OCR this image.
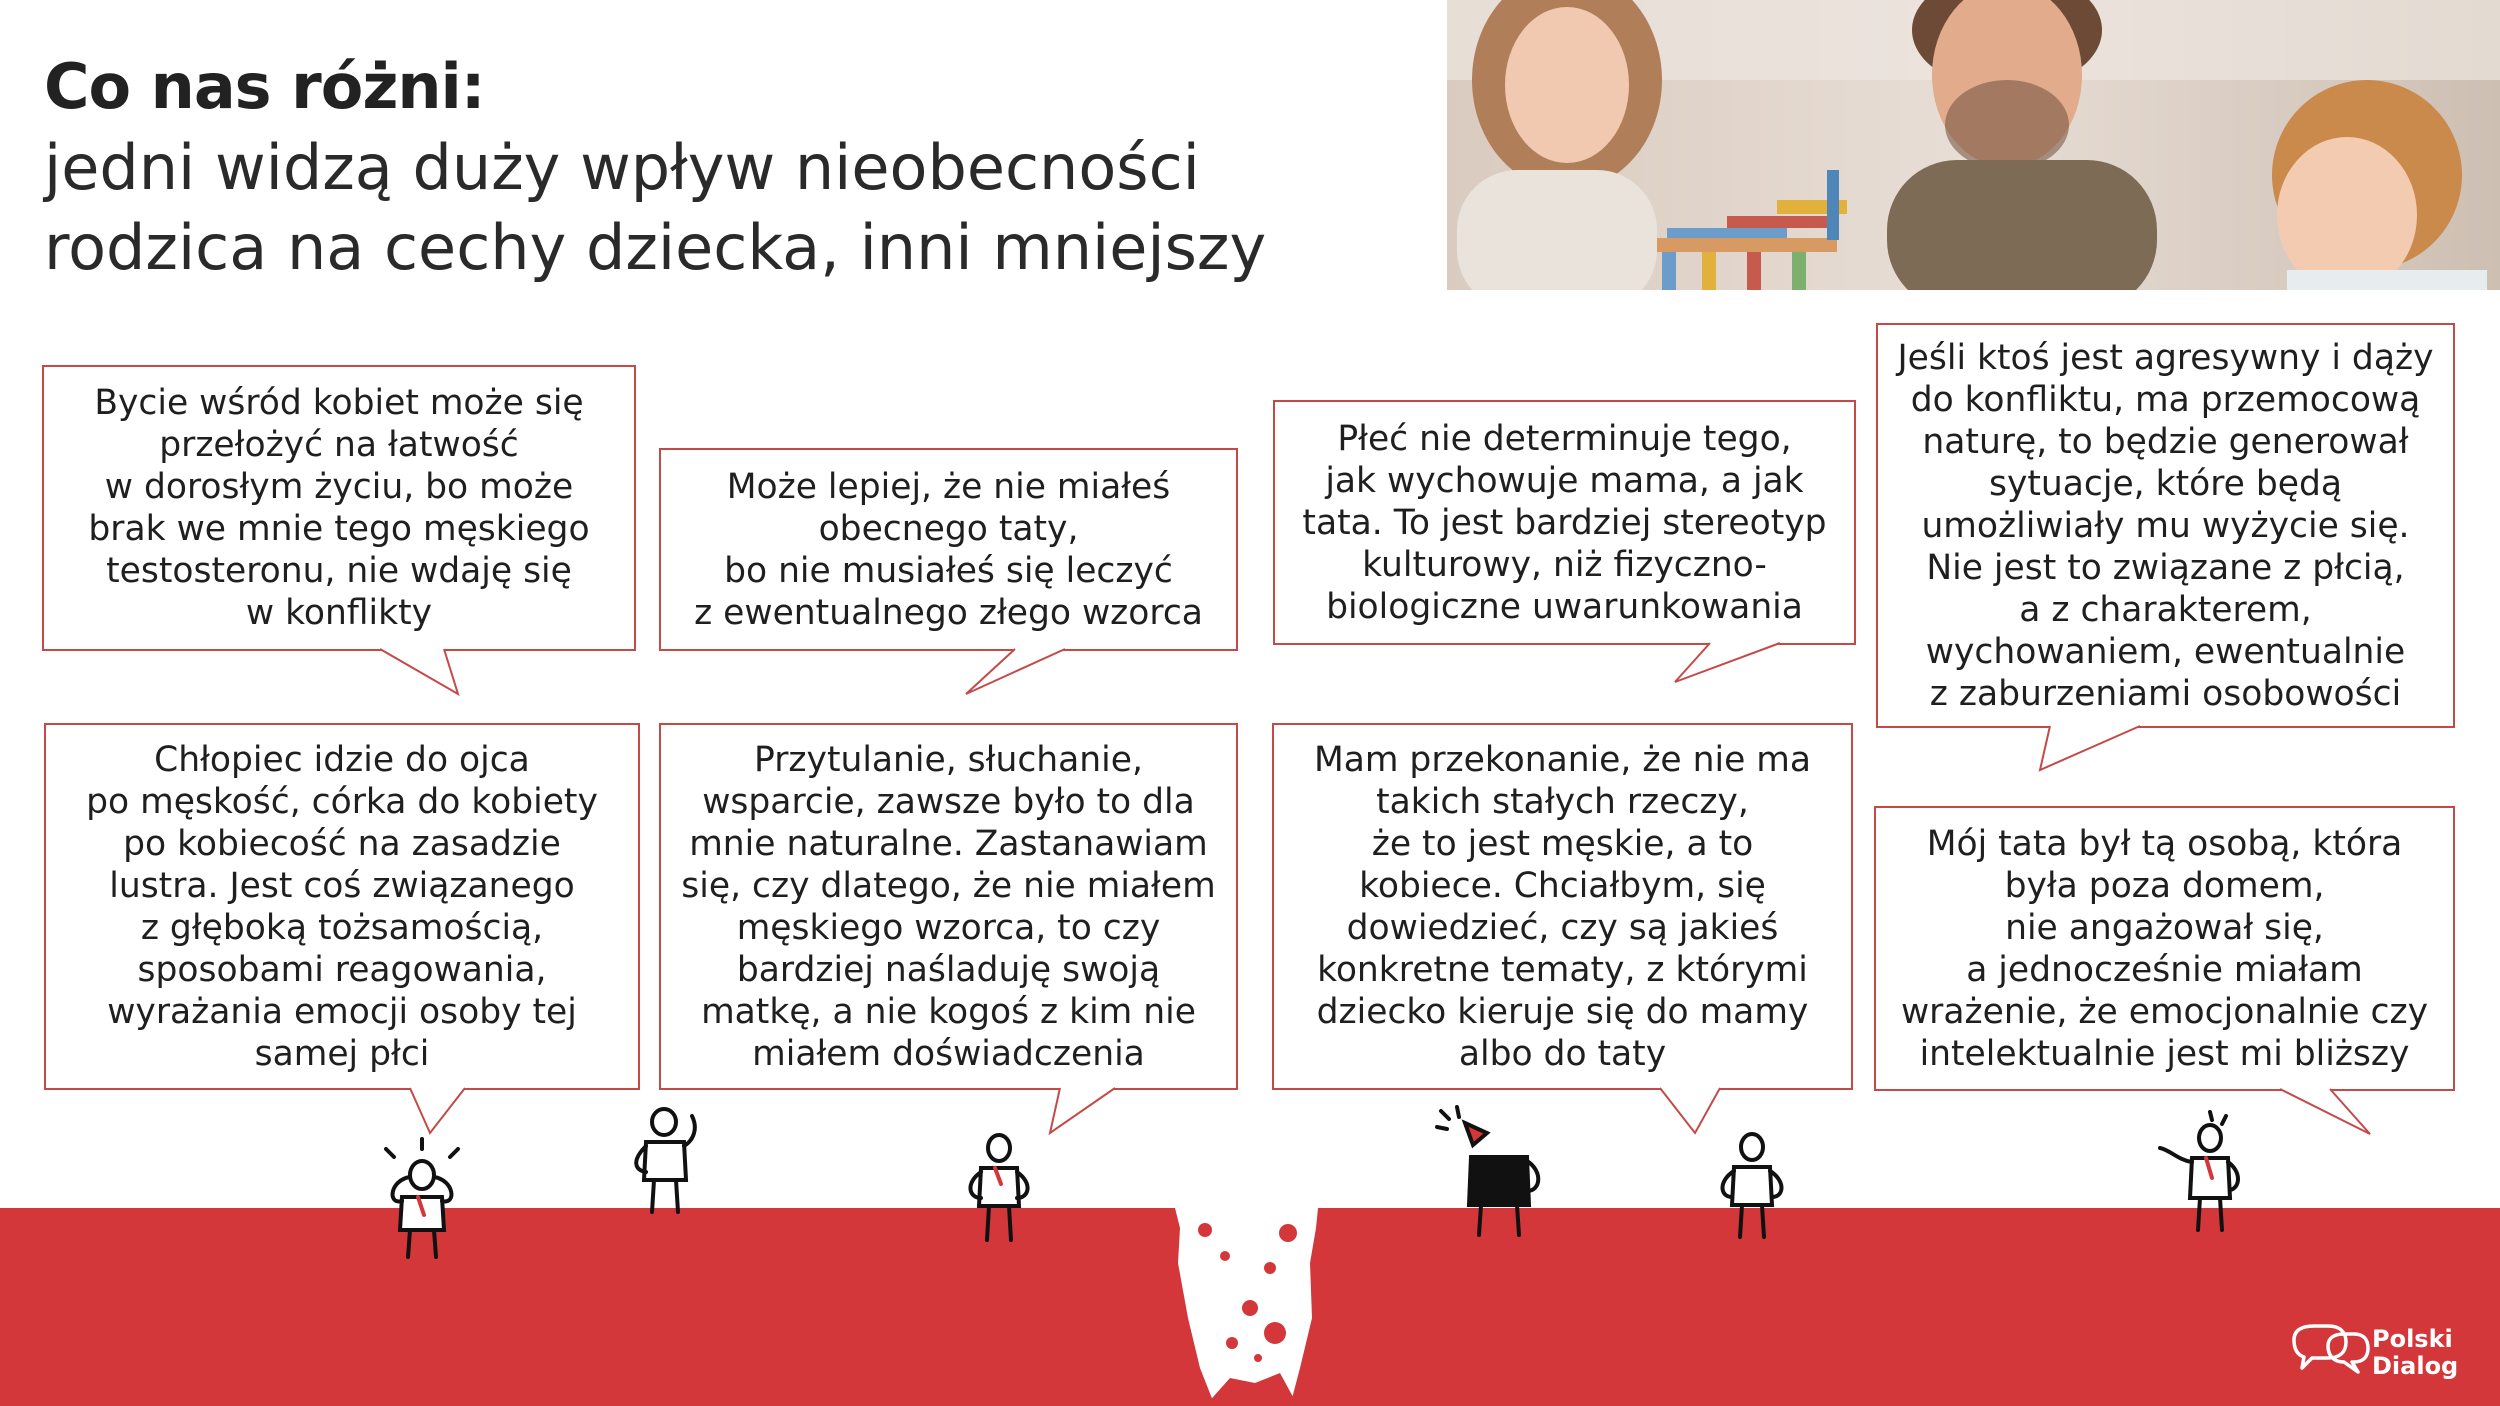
Co nas różni:
jedni widzą duży wpływ nieobecności
rodzica na cechy dziecka, inni mniejszy
Bycie wśród kobiet może się
przełożyć na łatwość
w dorosłym życiu, bo może
brak we mnie tego męskiego
testosteronu, nie wdaję się
w konflikty
Może lepiej, że nie miałeś
obecnego taty,
bo nie musiałeś się leczyć
z ewentualnego złego wzorca
Płeć nie determinuje tego,
jak wychowuje mama, a jak
tata. To jest bardziej stereotyp
kulturowy, niż fizyczno-
biologiczne uwarunkowania
Jeśli ktoś jest agresywny i dąży
do konfliktu, ma przemocową
naturę, to będzie generował
sytuacje, które będą
umożliwiały mu wyżycie się.
Nie jest to związane z płcią,
a z charakterem,
wychowaniem, ewentualnie
z zaburzeniami osobowości
Chłopiec idzie do ojca
po męskość, córka do kobiety
po kobiecość na zasadzie
lustra. Jest coś związanego
z głęboką tożsamością,
sposobami reagowania,
wyrażania emocji osoby tej
samej płci
Przytulanie, słuchanie,
wsparcie, zawsze było to dla
mnie naturalne. Zastanawiam
się, czy dlatego, że nie miałem
męskiego wzorca, to czy
bardziej naśladuję swoją
matkę, a nie kogoś z kim nie
miałem doświadczenia
Mam przekonanie, że nie ma
takich stałych rzeczy,
że to jest męskie, a to
kobiece. Chciałbym, się
dowiedzieć, czy są jakieś
konkretne tematy, z którymi
dziecko kieruje się do mamy
albo do taty
Mój tata był tą osobą, która
była poza domem,
nie angażował się,
a jednocześnie miałam
wrażenie, że emocjonalnie czy
intelektualnie jest mi bliższy
Polski
Dialog
